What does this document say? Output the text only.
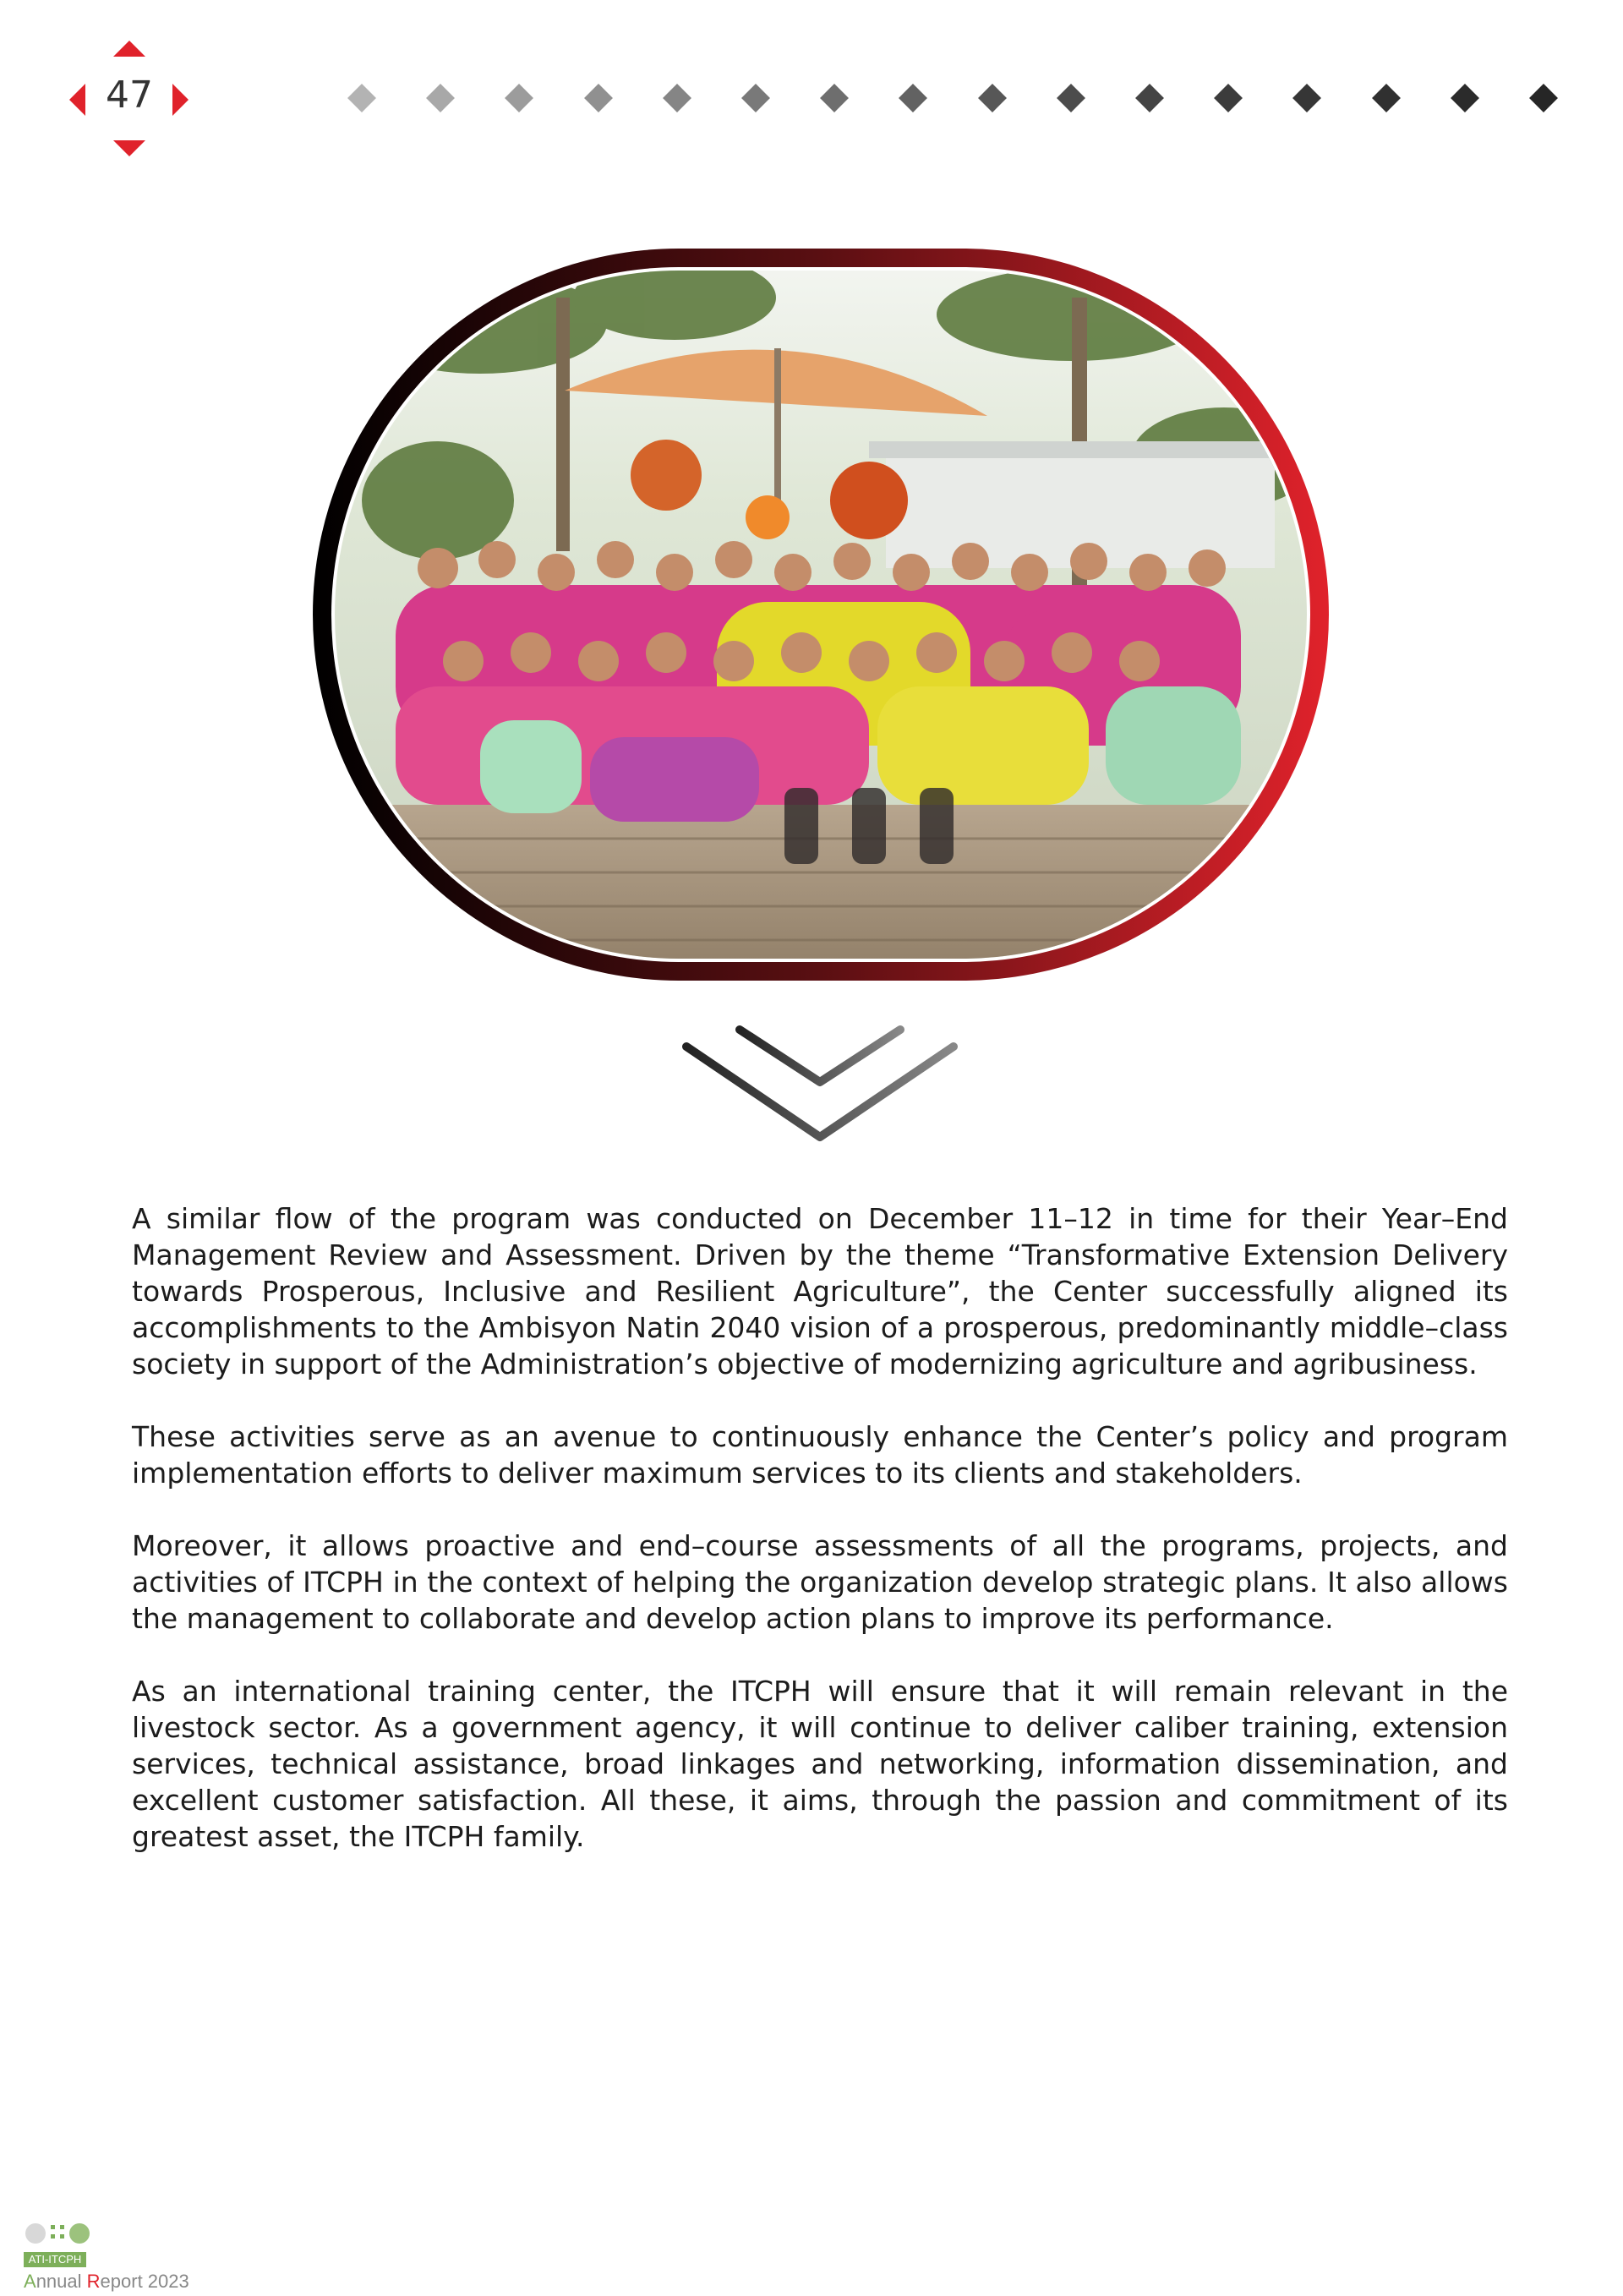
47

A similar flow of the program was conducted on December 11–12 in time for their Year–End Management Review and Assessment. Driven by the theme “Transformative Extension Delivery towards Prosperous, Inclusive and Resilient Agriculture”, the Center successfully aligned its accomplishments to the Ambisyon Natin 2040 vision of a prosperous, predominantly middle–class society in support of the Administration’s objective of modernizing agriculture and agribusiness.

These activities serve as an avenue to continuously enhance the Center’s policy and program implementation efforts to deliver maximum services to its clients and stakeholders.

Moreover, it allows proactive and end–course assessments of all the programs, projects, and activities of ITCPH in the context of helping the organization develop strategic plans. It also allows the management to collaborate and develop action plans to improve its performance.

As an international training center, the ITCPH will ensure that it will remain relevant in the livestock sector. As a government agency, it will continue to deliver caliber training, extension services, technical assistance, broad linkages and networking, information dissemination, and excellent customer satisfaction. All these, it aims, through the passion and commitment of its greatest asset, the ITCPH family.

ATI-ITCPH
Annual Report 2023
